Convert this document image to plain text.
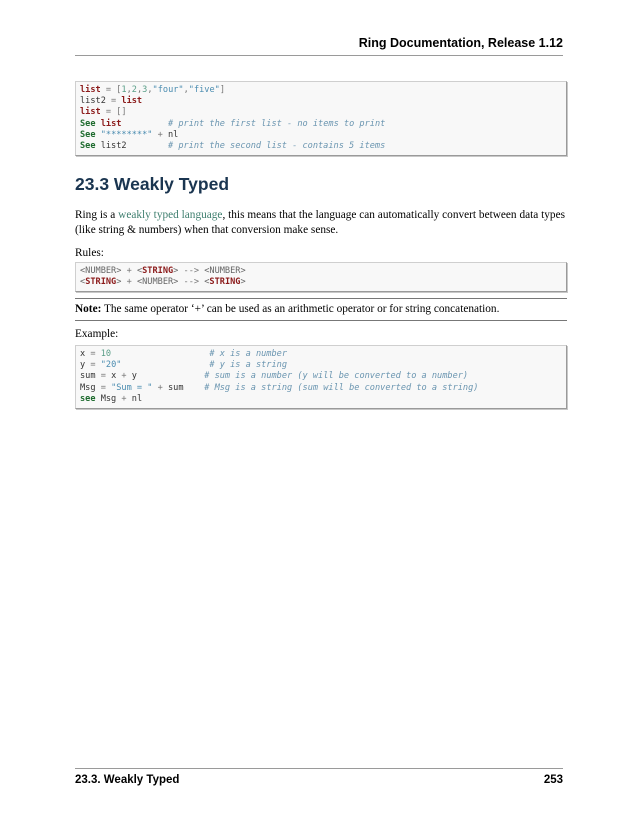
Ring Documentation, Release 1.12
list = [1,2,3,"four","five"]
list2 = list
list = []
See list	# print the first list - no items to print
See "********" + nl
See list2        # print the second list - contains 5 items
23.3 Weakly Typed
Ring is a weakly typed language, this means that the language can automatically convert between data types (like string & numbers) when that conversion make sense.
Rules:
<NUMBER> + <STRING> --> <NUMBER>
<STRING> + <NUMBER> --> <STRING>
Note: The same operator ‘+’ can be used as an arithmetic operator or for string concatenation.
Example:
x = 10	# x is a number
y = "20"	# y is a string
sum = x + y	# sum is a number (y will be converted to a number)
Msg = "Sum = " + sum # Msg is a string (sum will be converted to a string)
see Msg + nl
23.3. Weakly Typed	253
